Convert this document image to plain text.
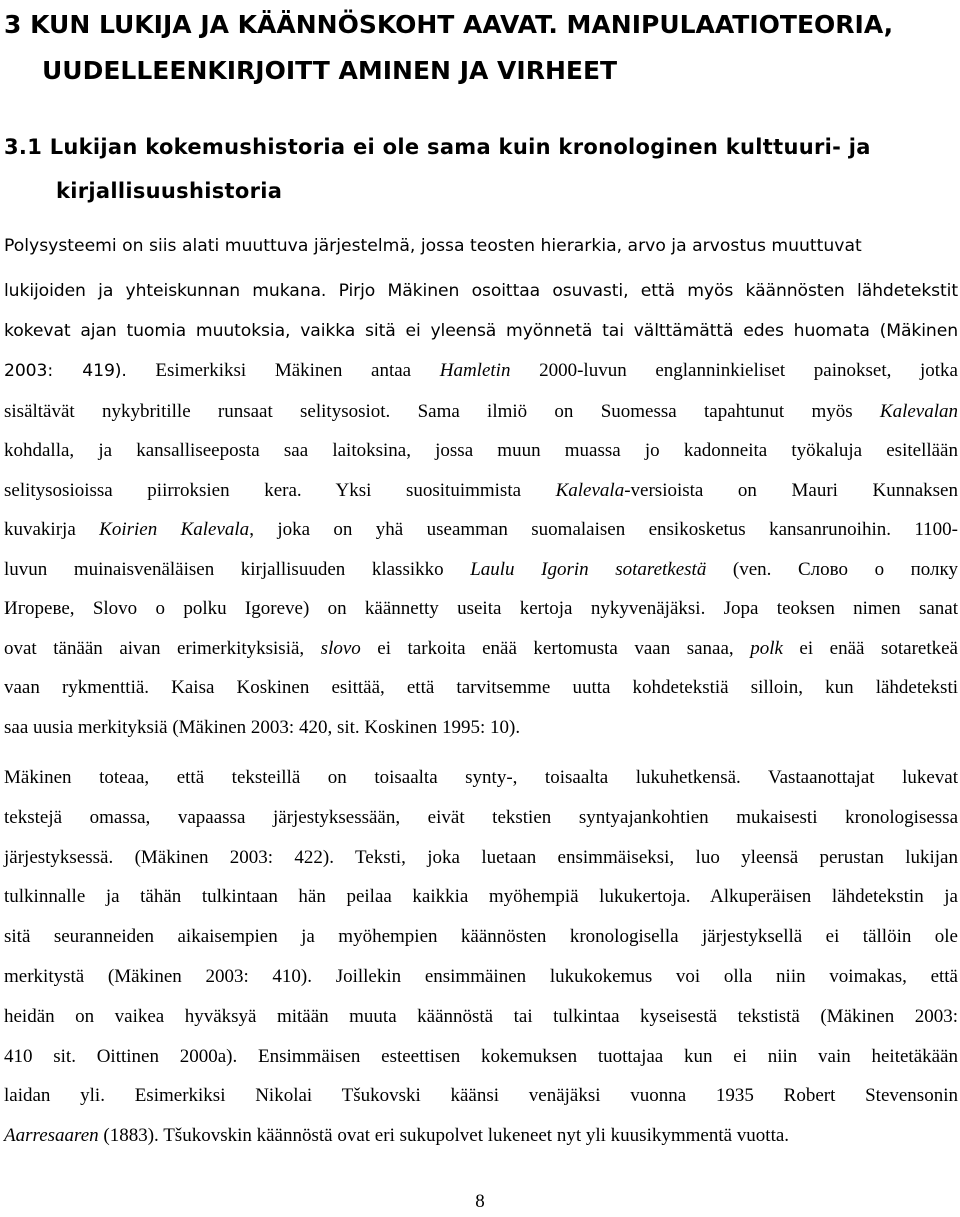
3 KUN LUKIJA JA KÄÄNNÖSKOHT AAVAT. MANIPULAATIOTEORIA,
UUDELLEENKIRJOITT AMINEN JA VIRHEET
3.1 Lukijan kokemushistoria ei ole sama kuin kronologinen kulttuuri- ja
kirjallisuushistoria

Polysysteemi on siis alati muuttuva järjestelmä, jossa teosten hierarkia, arvo ja arvostus muuttuvat

lukijoiden ja yhteiskunnan mukana. Pirjo Mäkinen osoittaa osuvasti, että myös käännösten lähdetekstit
kokevat ajan tuomia muutoksia, vaikka sitä ei yleensä myönnetä tai välttämättä edes huomata (Mäkinen
2003: 419). Esimerkiksi Mäkinen antaa Hamletin 2000-luvun englanninkieliset painokset, jotka
sisältävät nykybritille runsaat selitysosiot. Sama ilmiö on Suomessa tapahtunut myös Kalevalan
kohdalla, ja kansalliseeposta saa laitoksina, jossa muun muassa jo kadonneita työkaluja esitellään
selitysosioissa piirroksien kera. Yksi suosituimmista Kalevala-versioista on Mauri Kunnaksen
kuvakirja Koirien Kalevala, joka on yhä useamman suomalaisen ensikosketus kansanrunoihin. 1100-
luvun muinaisvenäläisen kirjallisuuden klassikko Laulu Igorin sotaretkestä (ven. Слово о полку
Игореве, Slovo o polku Igoreve) on käännetty useita kertoja nykyvenäjäksi. Jopa teoksen nimen sanat
ovat tänään aivan erimerkityksisiä, slovo ei tarkoita enää kertomusta vaan sanaa, polk ei enää sotaretkeä
vaan rykmenttiä. Kaisa Koskinen esittää, että tarvitsemme uutta kohdetekstiä silloin, kun lähdeteksti
saa uusia merkityksiä (Mäkinen 2003: 420, sit. Koskinen 1995: 10).

Mäkinen toteaa, että teksteillä on toisaalta synty-, toisaalta lukuhetkensä. Vastaanottajat lukevat
tekstejä omassa, vapaassa järjestyksessään, eivät tekstien syntyajankohtien mukaisesti kronologisessa
järjestyksessä. (Mäkinen 2003: 422). Teksti, joka luetaan ensimmäiseksi, luo yleensä perustan lukijan
tulkinnalle ja tähän tulkintaan hän peilaa kaikkia myöhempiä lukukertoja. Alkuperäisen lähdetekstin ja
sitä seuranneiden aikaisempien ja myöhempien käännösten kronologisella järjestyksellä ei tällöin ole
merkitystä (Mäkinen 2003: 410). Joillekin ensimmäinen lukukokemus voi olla niin voimakas, että
heidän on vaikea hyväksyä mitään muuta käännöstä tai tulkintaa kyseisestä tekstistä (Mäkinen 2003:
410 sit. Oittinen 2000a). Ensimmäisen esteettisen kokemuksen tuottajaa kun ei niin vain heitetäkään
laidan yli. Esimerkiksi Nikolai Tšukovski käänsi venäjäksi vuonna 1935 Robert Stevensonin
Aarresaaren (1883). Tšukovskin käännöstä ovat eri sukupolvet lukeneet nyt yli kuusikymmentä vuotta.

8
